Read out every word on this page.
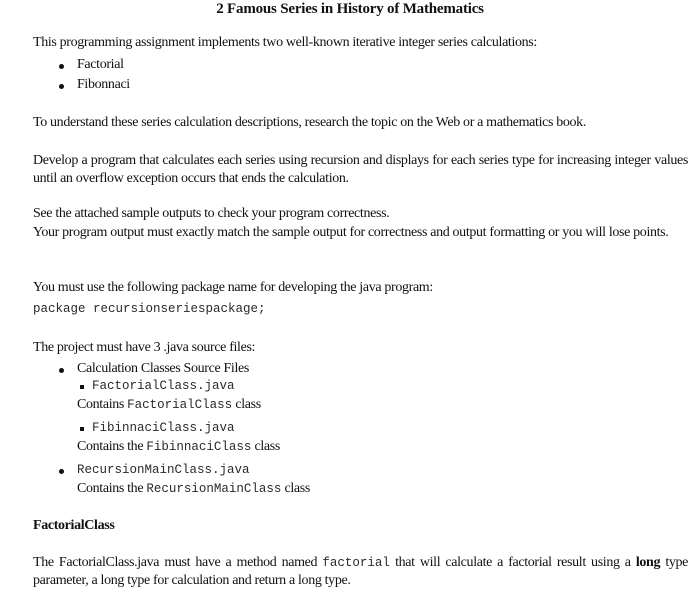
2 Famous Series in History of Mathematics
This programming assignment implements two well-known iterative integer series calculations:
Factorial
Fibonnaci
To understand these series calculation descriptions, research the topic on the Web or a mathematics book.
Develop a program that calculates each series using recursion and displays for each series type for increasing integer values until an overflow exception occurs that ends the calculation.
See the attached sample outputs to check your program correctness.
Your program output must exactly match the sample output for correctness and output formatting or you will lose points.
You must use the following package name for developing the java program:
package recursionseriespackage;
The project must have 3 .java source files:
Calculation Classes Source Files
FactorialClass.java
Contains FactorialClass class
FibinnaciClass.java
Contains the FibinnaciClass class
RecursionMainClass.java
Contains the RecursionMainClass class
FactorialClass
The FactorialClass.java must have a method named factorial that will calculate a factorial result using a long type parameter, a long type for calculation and return a long type.
